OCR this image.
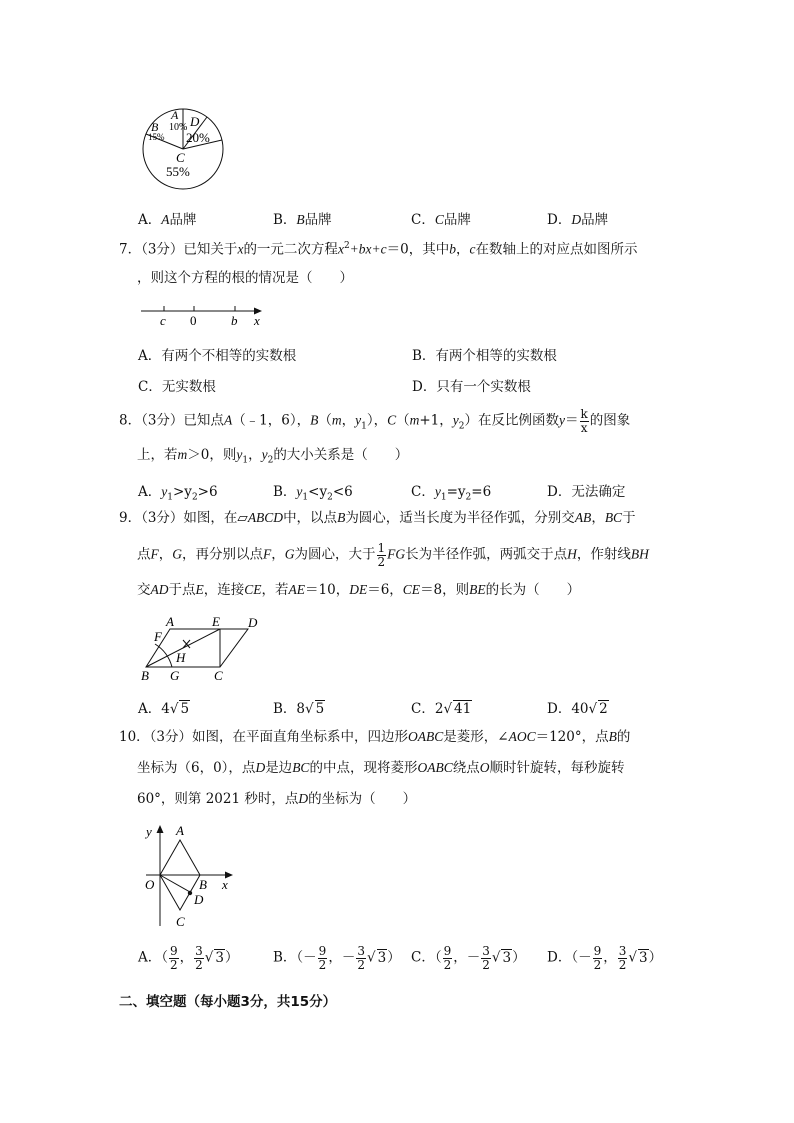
A
10% D
20%
B
15%
C
55%
A．A品牌	B．B品牌	C．C品牌	D．D品牌
7．（3分）已知关于x的一元二次方程$x^2+bx+c=0$，其中b，c在数轴上的对应点如图所示
，则这个方程的根的情况是（　　）
c 0	b x
A．有两个不相等的实数根	B．有两个相等的实数根
C．无实数根	D．只有一个实数根
8．（3分）已知点A（﹣1，6），B（m，$y_1$），C（m+1，$y_2$）在反比例函数$y= \frac{k}{x}$ 的图象
上，若m＞0，则$y_1$，$y_2$的大小关系是（　　）
A．$y_1>y_2>6$	B．$y_1<y_2<6$	C．$y_1=y_2=6$	D．无法确定
9．（3分）如图，在▱ABCD中，以点B为圆心，适当长度为半径作弧，分别交AB，BC于
点F，G，再分别以点F，G为圆心，大于 $\frac{1}{2}$ FG长为半径作弧，两弧交于点H，作射线BH
交AD于点E，连接CE，若AE＝10，DE＝6，CE＝8，则BE的长为（　　）
A	E D
F
H
B G	C
A．4√ 5	B．8√ 5	C．2√ 41	D．40√ 2
10．（3分）如图，在平面直角坐标系中，四边形OABC是菱形，∠AOC＝120°，点B的
坐标为（6，0），点D是边BC的中点，现将菱形OABC绕点O顺时针旋转，每秒旋转
60°，则第 2021 秒时，点D的坐标为（　　）
y A
O	B x
D
C
A．（ $\frac{9}{2}$ ， $\frac{3}{2}$ √ 3）	B．（－ $\frac{9}{2}$ ，－ $\frac{3}{2}$ √ 3） C．（ $\frac{9}{2}$ ，－ $\frac{3}{2}$ √ 3） D．（－ $\frac{9}{2}$ ， $\frac{3}{2}$ √ 3）
二、填空题（每小题3分，共15分）
